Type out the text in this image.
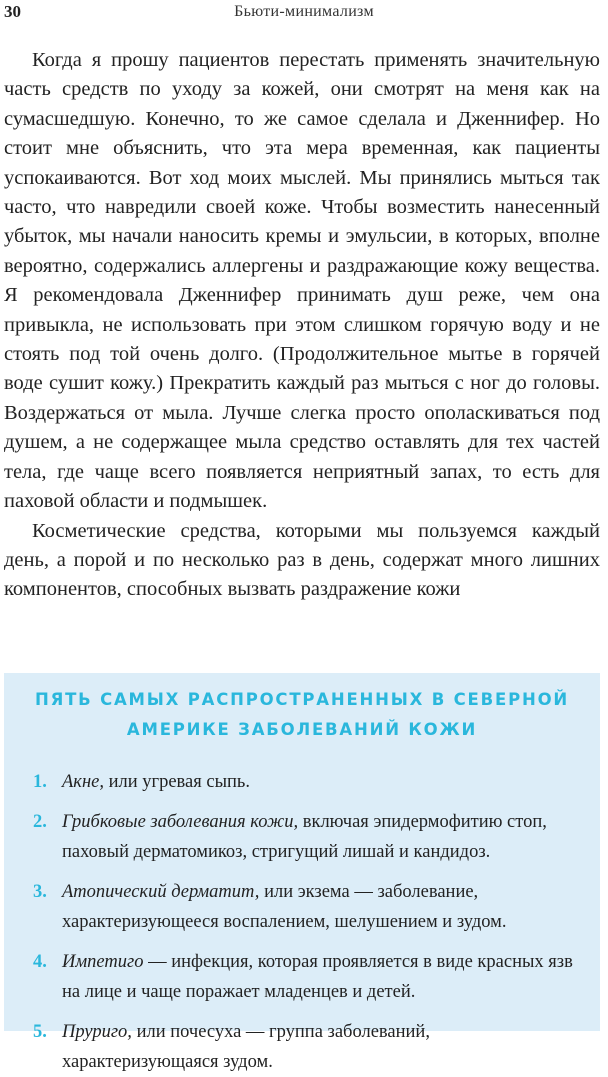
30	Бьюти-минимализм

Когда я прошу пациентов перестать применять значительную часть средств по уходу за кожей, они смотрят на меня как на сумасшедшую. Конечно, то же самое сделала и Дженнифер. Но стоит мне объяснить, что эта мера временная, как пациенты успокаиваются. Вот ход моих мыслей. Мы принялись мыться так часто, что навредили своей коже. Чтобы возместить нанесенный убыток, мы начали наносить кремы и эмульсии, в которых, вполне вероятно, содержались аллергены и раздражающие кожу вещества. Я рекомендовала Дженнифер принимать душ реже, чем она привыкла, не использовать при этом слишком горячую воду и не стоять под той очень долго. (Продолжительное мытье в горячей воде сушит кожу.) Прекратить каждый раз мыться с ног до головы. Воздержаться от мыла. Лучше слегка просто ополаскиваться под душем, а не содержащее мыла средство оставлять для тех частей тела, где чаще всего появляется неприятный запах, то есть для паховой области и подмышек.

Косметические средства, которыми мы пользуемся каждый день, а порой и по несколько раз в день, содержат много лишних компонентов, способных вызвать раздражение кожи

ПЯТЬ САМЫХ РАСПРОСТРАНЕННЫХ В СЕВЕРНОЙ АМЕРИКЕ ЗАБОЛЕВАНИЙ КОЖИ
1. Акне, или угревая сыпь.
2. Грибковые заболевания кожи, включая эпидермофитию стоп, паховый дерматомикоз, стригущий лишай и кандидоз.
3. Атопический дерматит, или экзема — заболевание, характеризующееся воспалением, шелушением и зудом.
4. Импетиго — инфекция, которая проявляется в виде красных язв на лице и чаще поражает младенцев и детей.
5. Пруриго, или почесуха — группа заболеваний, характеризующаяся зудом.
